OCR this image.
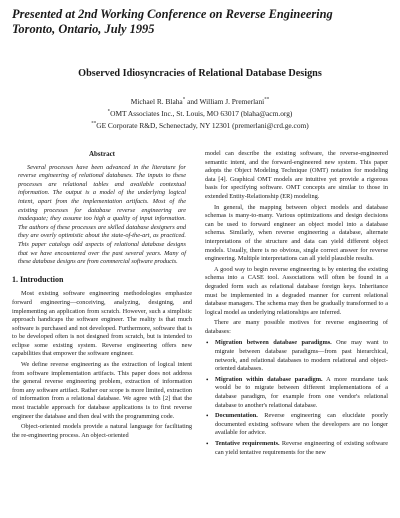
Presented at 2nd Working Conference on Reverse Engineering
Toronto, Ontario, July 1995
Observed Idiosyncracies of Relational Database Designs
Michael R. Blaha* and William J. Premerlani**
*OMT Associates Inc., St. Louis, MO 63017 (blaha@acm.org)
**GE Corporate R&D, Schenectady, NY 12301 (premerlani@crd.ge.com)
Abstract

Several processes have been advanced in the literature for reverse engineering of relational databases. The inputs to these processes are relational tables and available contextual information. The output is a model of the underlying logical intent, apart from the implementation artifacts. Most of the existing processes for database reverse engineering are inadequate; they assume too high a quality of input information. The authors of these processes are skilled database designers and they are overly optimistic about the state-of-the-art, as practiced. This paper catalogs odd aspects of relational database designs that we have encountered over the past several years. Many of these database designs are from commercial software products.

1. Introduction

Most existing software engineering methodologies emphasize forward engineering—conceiving, analyzing, designing, and implementing an application from scratch. However, such a simplistic approach handicaps the software engineer. The reality is that much software is purchased and not developed. Furthermore, software that is to be developed often is not designed from scratch, but is intended to eclipse some existing system. Reverse engineering offers new capabilities that empower the software engineer.

We define reverse engineering as the extraction of logical intent from software implementation artifacts. This paper does not address the general reverse engineering problem, extraction of information from any software artifact. Rather our scope is more limited, extraction of information from a relational database. We agree with [2] that the most tractable approach for database applications is to first reverse engineer the database and then deal with the programming code.

Object-oriented models provide a natural language for facilitating the re-engineering process. An object-oriented

model can describe the existing software, the reverse-engineered semantic intent, and the forward-engineered new system. This paper adopts the Object Modeling Technique (OMT) notation for modeling data [4]. Graphical OMT models are intuitive yet provide a rigorous basis for specifying software. OMT concepts are similar to those in extended Entity-Relationship (ER) modeling.

In general, the mapping between object models and database schemas is many-to-many. Various optimizations and design decisions can be used to forward engineer an object model into a database schema. Similarly, when reverse engineering a database, alternate interpretations of the structure and data can yield different object models. Usually, there is no obvious, single correct answer for reverse engineering. Multiple interpretations can all yield plausible results.

A good way to begin reverse engineering is by entering the existing schema into a CASE tool. Associations will often be found in a degraded form such as relational database foreign keys. Inheritance must be implemented in a degraded manner for current relational database managers. The schema may then be gradually transformed to a logical model as underlying relationships are inferred.

There are many possible motives for reverse engineering of databases:

• Migration between database paradigms. One may want to migrate between database paradigms—from past hierarchical, network, and relational databases to modern relational and object-oriented databases.
• Migration within database paradigm. A more mundane task would be to migrate between different implementations of a database paradigm, for example from one vendor's relational database to another's relational database.
• Documentation. Reverse engineering can elucidate poorly documented existing software when the developers are no longer available for advice.
• Tentative requirements. Reverse engineering of existing software can yield tentative requirements for the new
